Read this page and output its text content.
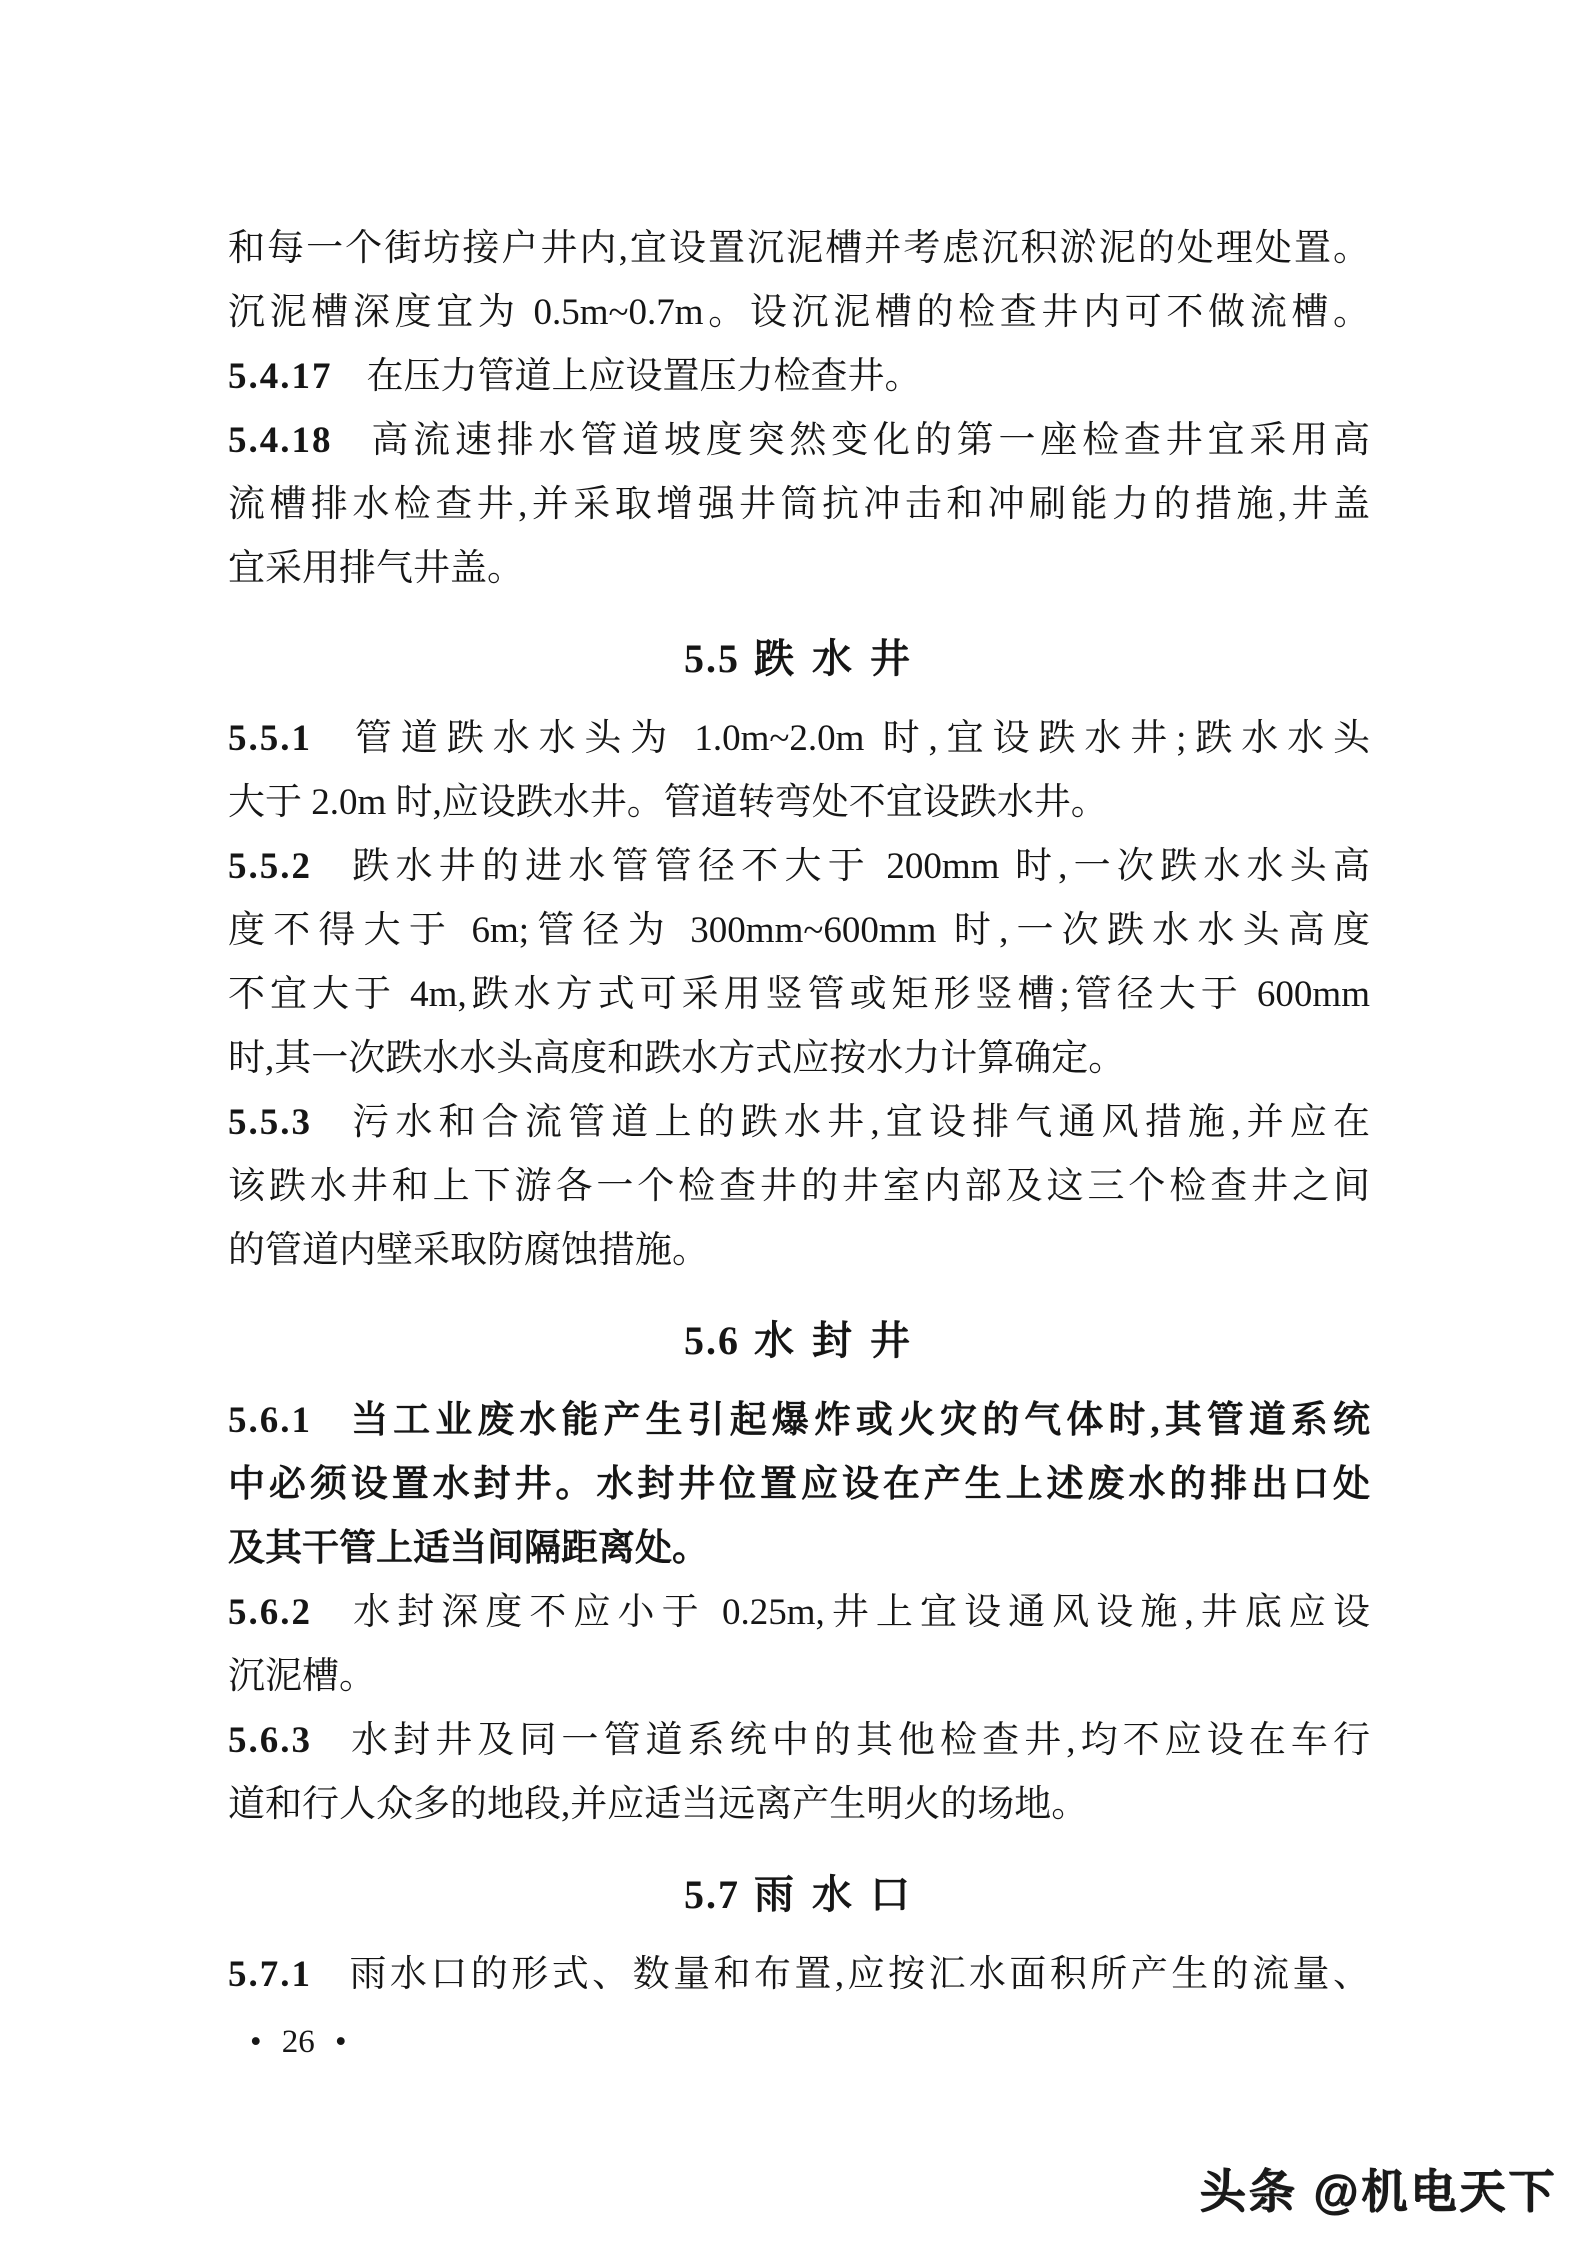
和每一个街坊接户井内,宜设置沉泥槽并考虑沉积淤泥的处理处置。
沉泥槽深度宜为 0.5m~0.7m。设沉泥槽的检查井内可不做流槽。
5.4.17 在压力管道上应设置压力检查井。
5.4.18 高流速排水管道坡度突然变化的第一座检查井宜采用高
流槽排水检查井,并采取增强井筒抗冲击和冲刷能力的措施,井盖
宜采用排气井盖。
5.5 跌 水 井
5.5.1 管道跌水水头为 1.0m~2.0m 时,宜设跌水井;跌水水头
大于 2.0m 时,应设跌水井。管道转弯处不宜设跌水井。
5.5.2 跌水井的进水管管径不大于 200mm 时,一次跌水水头高
度不得大于 6m;管径为 300mm~600mm 时,一次跌水水头高度
不宜大于 4m,跌水方式可采用竖管或矩形竖槽;管径大于 600mm
时,其一次跌水水头高度和跌水方式应按水力计算确定。
5.5.3 污水和合流管道上的跌水井,宜设排气通风措施,并应在
该跌水井和上下游各一个检查井的井室内部及这三个检查井之间
的管道内壁采取防腐蚀措施。
5.6 水 封 井
5.6.1 当工业废水能产生引起爆炸或火灾的气体时,其管道系统
中必须设置水封井。水封井位置应设在产生上述废水的排出口处
及其干管上适当间隔距离处。
5.6.2 水封深度不应小于 0.25m,井上宜设通风设施,井底应设
沉泥槽。
5.6.3 水封井及同一管道系统中的其他检查井,均不应设在车行
道和行人众多的地段,并应适当远离产生明火的场地。
5.7 雨 水 口
5.7.1 雨水口的形式、数量和布置,应按汇水面积所产生的流量、
• 26 •
头条 @机电天下
